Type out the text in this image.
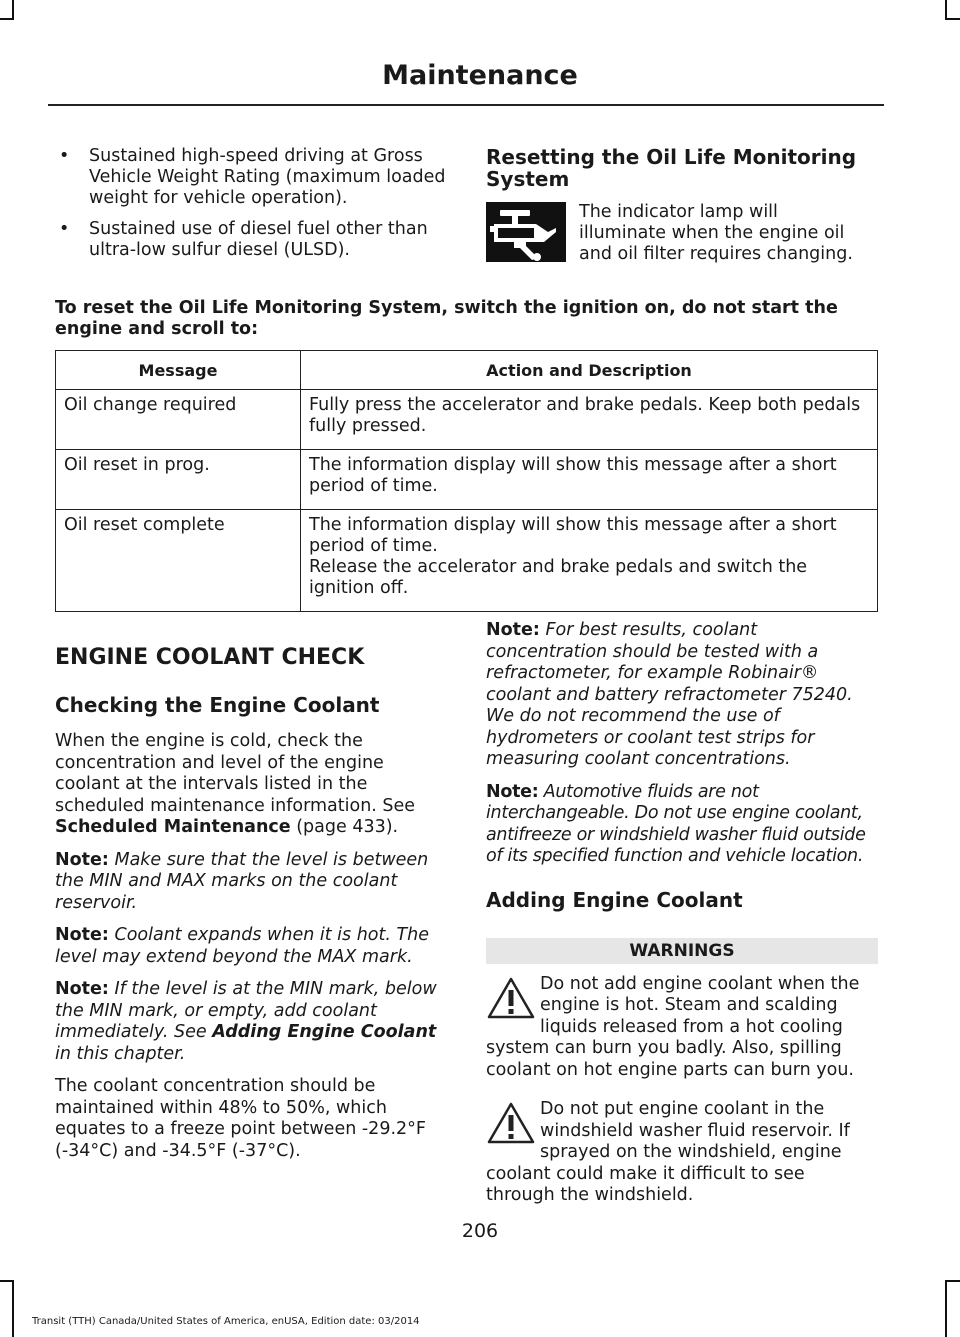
Maintenance
• Sustained high-speed driving at Gross Vehicle Weight Rating (maximum loaded weight for vehicle operation).
• Sustained use of diesel fuel other than ultra-low sulfur diesel (ULSD).
Resetting the Oil Life Monitoring System
The indicator lamp will illuminate when the engine oil and oil filter requires changing.
To reset the Oil Life Monitoring System, switch the ignition on, do not start the engine and scroll to:
Message	Action and Description
Oil change required	Fully press the accelerator and brake pedals. Keep both pedals fully pressed.

Oil reset in prog.	The information display will show this message after a short period of time.

Oil reset complete	The information display will show this message after a short period of time.
Release the accelerator and brake pedals and switch the ignition off.
ENGINE COOLANT CHECK
Checking the Engine Coolant

When the engine is cold, check the concentration and level of the engine coolant at the intervals listed in the scheduled maintenance information. See Scheduled Maintenance (page 433).

Note: Make sure that the level is between the MIN and MAX marks on the coolant reservoir.

Note: Coolant expands when it is hot. The level may extend beyond the MAX mark.

Note: If the level is at the MIN mark, below the MIN mark, or empty, add coolant immediately. See Adding Engine Coolant in this chapter.

The coolant concentration should be maintained within 48% to 50%, which equates to a freeze point between -29.2°F (-34°C) and -34.5°F (-37°C).

Note: For best results, coolant concentration should be tested with a refractometer, for example Robinair® coolant and battery refractometer 75240. We do not recommend the use of hydrometers or coolant test strips for measuring coolant concentrations.

Note: Automotive fluids are not interchangeable. Do not use engine coolant, antifreeze or windshield washer fluid outside of its specified function and vehicle location.

Adding Engine Coolant
WARNINGS
Do not add engine coolant when the engine is hot. Steam and scalding liquids released from a hot cooling system can burn you badly. Also, spilling coolant on hot engine parts can burn you.
Do not put engine coolant in the windshield washer fluid reservoir. If sprayed on the windshield, engine coolant could make it difficult to see through the windshield.
206
Transit (TTH) Canada/United States of America, enUSA, Edition date: 03/2014
